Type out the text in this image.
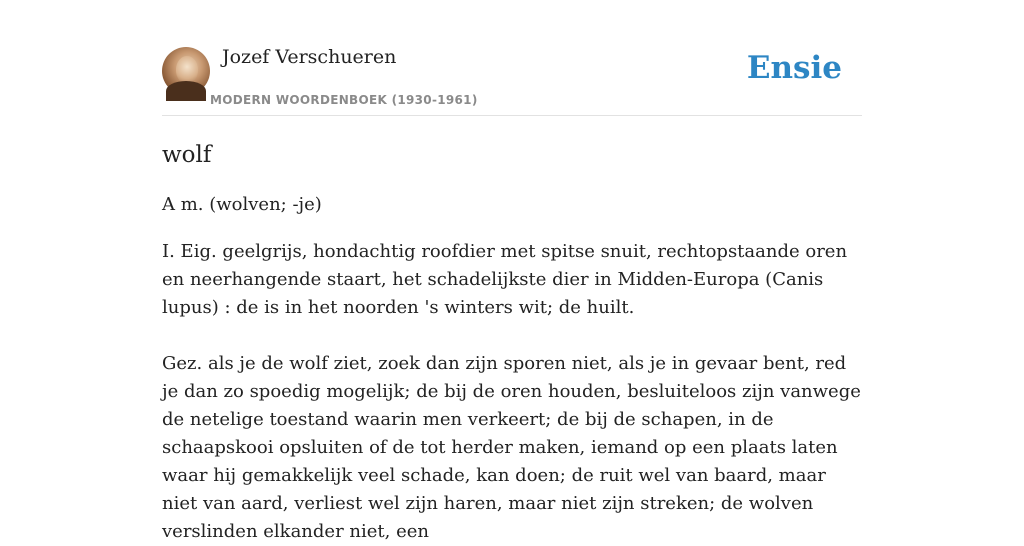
Jozef Verschueren
MODERN WOORDENBOEK (1930-1961)
Ensie
wolf

A m. (wolven; -je)

I. Eig. geelgrijs, hondachtig roofdier met spitse snuit, rechtopstaande oren en neerhangende staart, het schadelijkste dier in Midden-Europa (Canis lupus) : de is in het noorden 's winters wit; de huilt.

Gez. als je de wolf ziet, zoek dan zijn sporen niet, als je in gevaar bent, red je dan zo spoedig mogelijk; de bij de oren houden, besluiteloos zijn vanwege de netelige toestand waarin men verkeert; de bij de schapen, in de schaapskooi opsluiten of de tot herder maken, iemand op een plaats laten waar hij gemakkelijk veel schade, kan doen; de ruit wel van baard, maar niet van aard, verliest wel zijn haren, maar niet zijn streken; de wolven verslinden elkander niet, een
